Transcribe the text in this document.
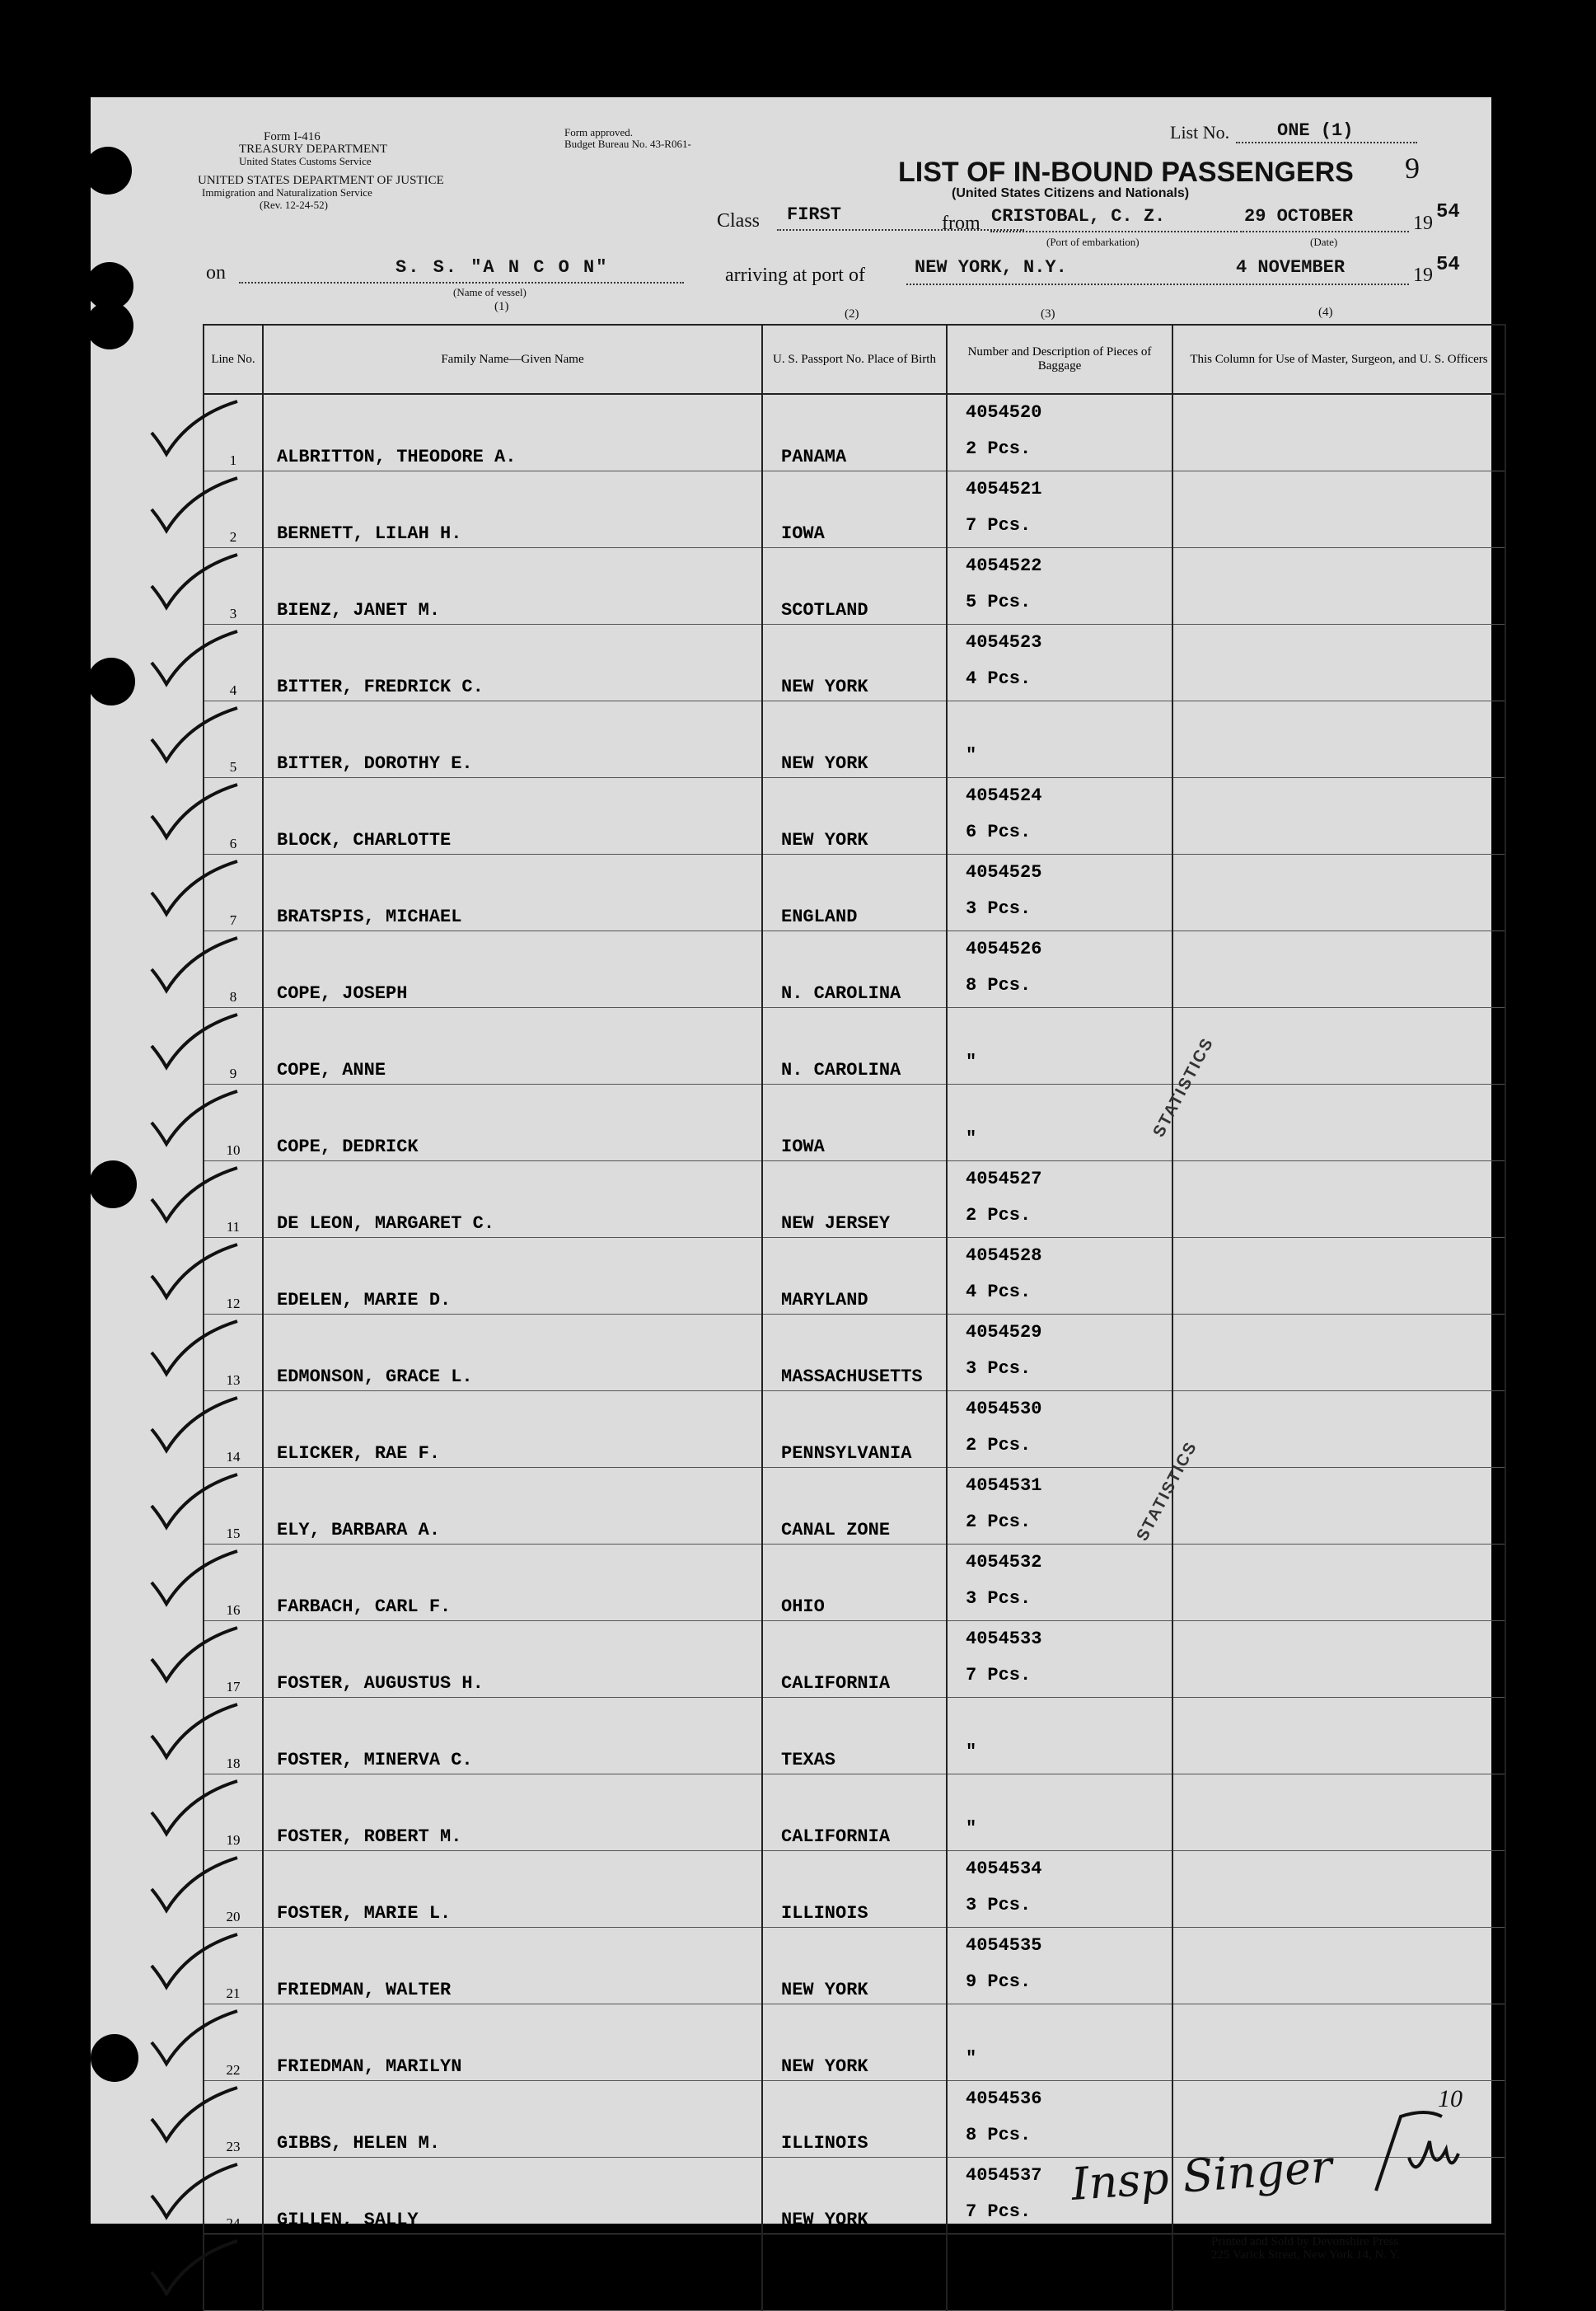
Form I-416
TREASURY DEPARTMENT
United States Customs Service
UNITED STATES DEPARTMENT OF JUSTICE
Immigration and Naturalization Service
(Rev. 12-24-52)
Form approved.
Budget Bureau No. 43-R061-
List No.	ONE (1)
9
LIST OF IN-BOUND PASSENGERS
(United States Citizens and Nationals)
Class FIRST	from CRISTOBAL, C. Z.	29 OCTOBER	19 54
(Port of embarkation)	(Date)
on	S. S. "A N C O N"
(Name of vessel)
arriving at port of	NEW YORK, N.Y.	4 NOVEMBER	19 54
(1)
(2)	(3)	(4)
Line No.	Family Name—Given Name	U. S. Passport No. Place of Birth	Number and Description of Pieces of Baggage	This Column for Use of Master, Surgeon, and U. S. Officers

1	ALBRITTON, THEODORE A.	PANAMA	4054520
2 Pcs.	

2	BERNETT, LILAH H.	IOWA	4054521
7 Pcs.	

3	BIENZ, JANET M.	SCOTLAND	4054522
5 Pcs.	

4	BITTER, FREDRICK C.	NEW YORK	4054523
4 Pcs.	

5	BITTER, DOROTHY E.	NEW YORK	"	

6	BLOCK, CHARLOTTE	NEW YORK	4054524
6 Pcs.	

7	BRATSPIS, MICHAEL	ENGLAND	4054525
3 Pcs.	

8	COPE, JOSEPH	N. CAROLINA	4054526
8 Pcs.	

9	COPE, ANNE	N. CAROLINA	"	

10	COPE, DEDRICK	IOWA	"	

11	DE LEON, MARGARET C.	NEW JERSEY	4054527
2 Pcs.	

12	EDELEN, MARIE D.	MARYLAND	4054528
4 Pcs.	

13	EDMONSON, GRACE L.	MASSACHUSETTS	4054529
3 Pcs.	

14	ELICKER, RAE F.	PENNSYLVANIA	4054530
2 Pcs.	

15	ELY, BARBARA A.	CANAL ZONE	4054531
2 Pcs.	

16	FARBACH, CARL F.	OHIO	4054532
3 Pcs.	

17	FOSTER, AUGUSTUS H.	CALIFORNIA	4054533
7 Pcs.	

18	FOSTER, MINERVA C.	TEXAS	"	

19	FOSTER, ROBERT M.	CALIFORNIA	"	

20	FOSTER, MARIE L.	ILLINOIS	4054534
3 Pcs.	

21	FRIEDMAN, WALTER	NEW YORK	4054535
9 Pcs.	

22	FRIEDMAN, MARILYN	NEW YORK	"	

23	GIBBS, HELEN M.	ILLINOIS	4054536
8 Pcs.	

24	GILLEN, SALLY	NEW YORK	4054537
7 Pcs.	

25	GILLILAND, ESTELLE	NEW JERSEY	4054538
5 Pcs.	

STATISTICS
STATISTICS
Insp Singer
10
Printed and Sold by Devonshire Press
225 Varick Street, New York 14, N. Y.
